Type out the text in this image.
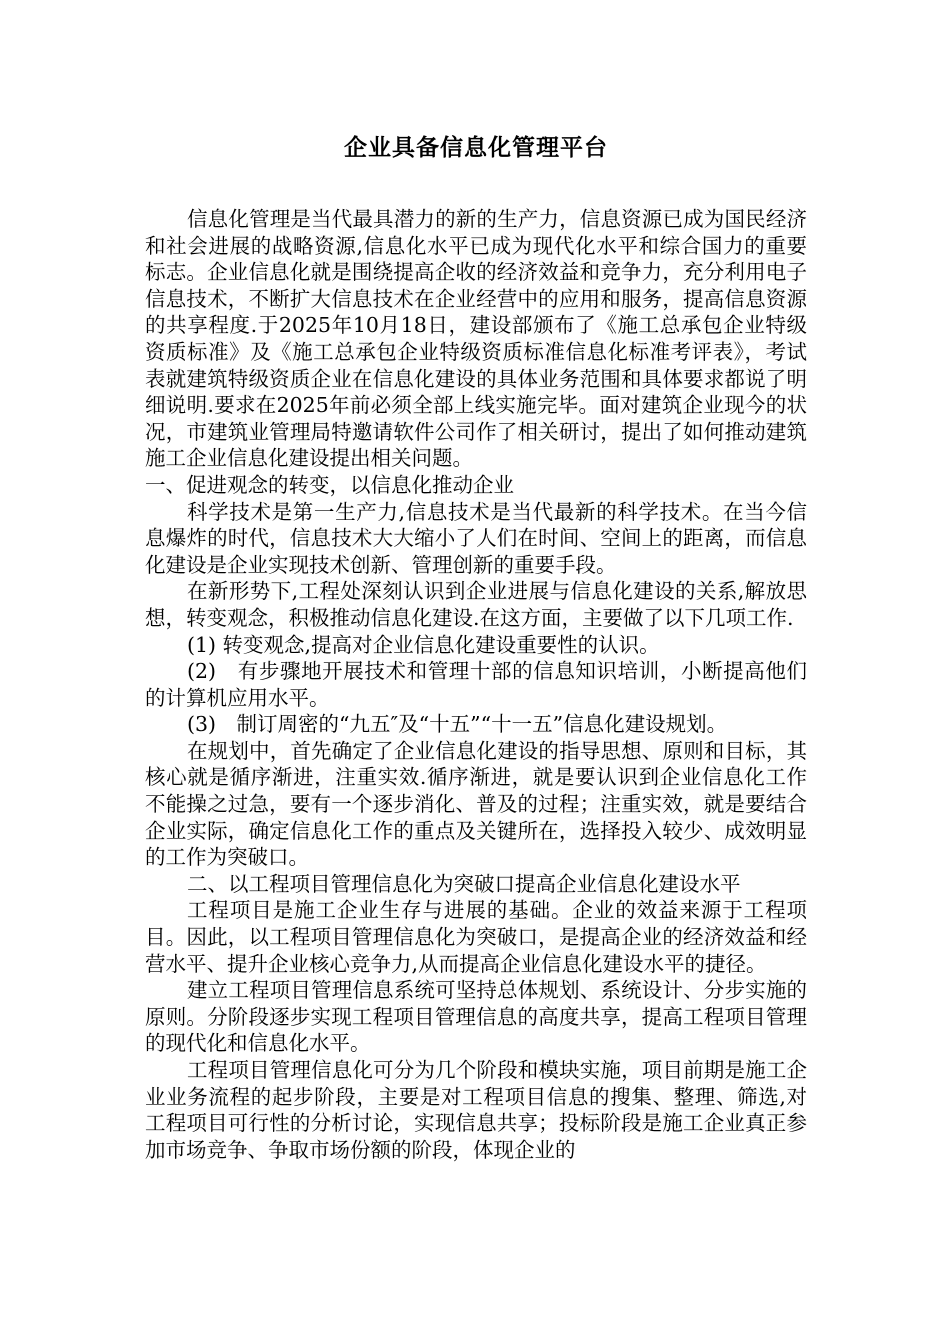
企业具备信息化管理平台

信息化管理是当代最具潜力的新的生产力，信息资源已成为国民经济和社会进展的战略资源,信息化水平已成为现代化水平和综合国力的重要标志。企业信息化就是围绕提高企收的经济效益和竞争力，充分利用电子信息技术，不断扩大信息技术在企业经营中的应用和服务，提高信息资源的共享程度.于2025年10月18日，建设部颁布了《施工总承包企业特级资质标准》及《施工总承包企业特级资质标准信息化标准考评表》，考试表就建筑特级资质企业在信息化建设的具体业务范围和具体要求都说了明细说明.要求在2025年前必须全部上线实施完毕。面对建筑企业现今的状况，市建筑业管理局特邀请软件公司作了相关研讨，提出了如何推动建筑施工企业信息化建设提出相关问题。

一、促进观念的转变，以信息化推动企业

科学技术是第一生产力,信息技术是当代最新的科学技术。在当今信息爆炸的时代，信息技术大大缩小了人们在时间、空间上的距离，而信息化建设是企业实现技术创新、管理创新的重要手段。

在新形势下,工程处深刻认识到企业进展与信息化建设的关系,解放思想，转变观念，积极推动信息化建设.在这方面，主要做了以下几项工作.

(1) 转变观念,提高对企业信息化建设重要性的认识。

(2)　有步骤地开展技术和管理十部的信息知识培训，小断提高他们的计算机应用水平。

(3)　制订周密的“九五″及“十五”“十一五”信息化建设规划。

在规划中，首先确定了企业信息化建设的指导思想、原则和目标，其核心就是循序渐进，注重实效.循序渐进，就是要认识到企业信息化工作不能操之过急，要有一个逐步消化、普及的过程；注重实效，就是要结合企业实际，确定信息化工作的重点及关键所在，选择投入较少、成效明显的工作为突破口。

二、以工程项目管理信息化为突破口提高企业信息化建设水平

工程项目是施工企业生存与进展的基础。企业的效益来源于工程项目。因此，以工程项目管理信息化为突破口，是提高企业的经济效益和经营水平、提升企业核心竞争力,从而提高企业信息化建设水平的捷径。

建立工程项目管理信息系统可坚持总体规划、系统设计、分步实施的原则。分阶段逐步实现工程项目管理信息的高度共享，提高工程项目管理的现代化和信息化水平。

工程项目管理信息化可分为几个阶段和模块实施，项目前期是施工企业业务流程的起步阶段，主要是对工程项目信息的搜集、整理、筛选,对工程项目可行性的分析讨论，实现信息共享；投标阶段是施工企业真正参加市场竞争、争取市场份额的阶段，体现企业的
